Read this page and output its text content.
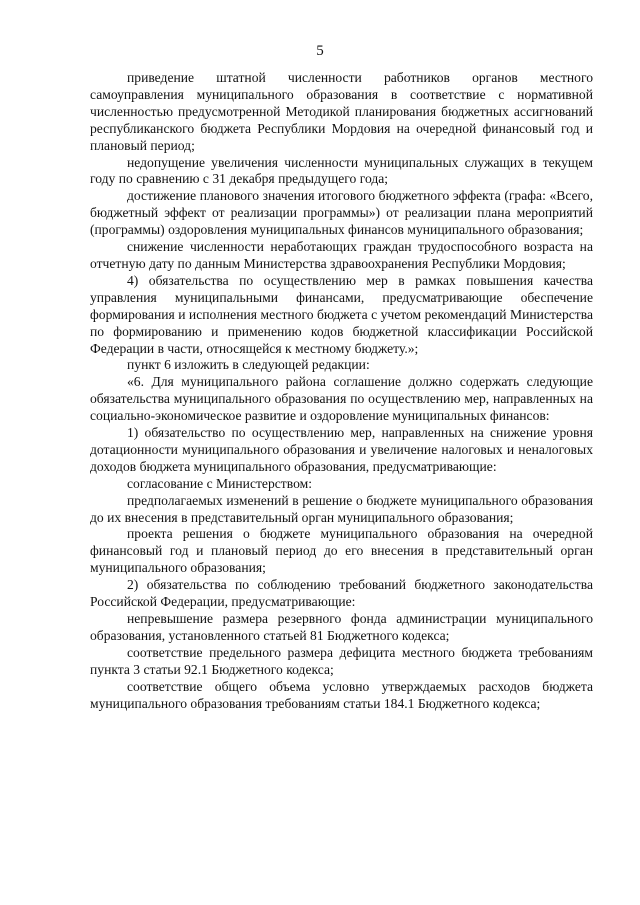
5

приведение штатной численности работников органов местного самоуправления муниципального образования в соответствие с нормативной численностью предусмотренной Методикой планирования бюджетных ассигнований республиканского бюджета Республики Мордовия на очередной финансовый год и плановый период;

недопущение увеличения численности муниципальных служащих в текущем году по сравнению с 31 декабря предыдущего года;

достижение планового значения итогового бюджетного эффекта (графа: «Всего, бюджетный эффект от реализации программы») от реализации плана мероприятий (программы) оздоровления муниципальных финансов муниципального образования;

снижение численности неработающих граждан трудоспособного возраста на отчетную дату по данным Министерства здравоохранения Республики Мордовия;

4) обязательства по осуществлению мер в рамках повышения качества управления муниципальными финансами, предусматривающие обеспечение формирования и исполнения местного бюджета с учетом рекомендаций Министерства по формированию и применению кодов бюджетной классификации Российской Федерации в части, относящейся к местному бюджету.»;

пункт 6 изложить в следующей редакции:

«6. Для муниципального района соглашение должно содержать следующие обязательства муниципального образования по осуществлению мер, направленных на социально-экономическое развитие и оздоровление муниципальных финансов:

1) обязательство по осуществлению мер, направленных на снижение уровня дотационности муниципального образования и увеличение налоговых и неналоговых доходов бюджета муниципального образования, предусматривающие:

согласование с Министерством:

предполагаемых изменений в решение о бюджете муниципального образования до их внесения в представительный орган муниципального образования;

проекта решения о бюджете муниципального образования на очередной финансовый год и плановый период до его внесения в представительный орган муниципального образования;

2) обязательства по соблюдению требований бюджетного законодательства Российской Федерации, предусматривающие:

непревышение размера резервного фонда администрации муниципального образования, установленного статьей 81 Бюджетного кодекса;

соответствие предельного размера дефицита местного бюджета требованиям пункта 3 статьи 92.1 Бюджетного кодекса;

соответствие общего объема условно утверждаемых расходов бюджета муниципального образования требованиям статьи 184.1 Бюджетного кодекса;
